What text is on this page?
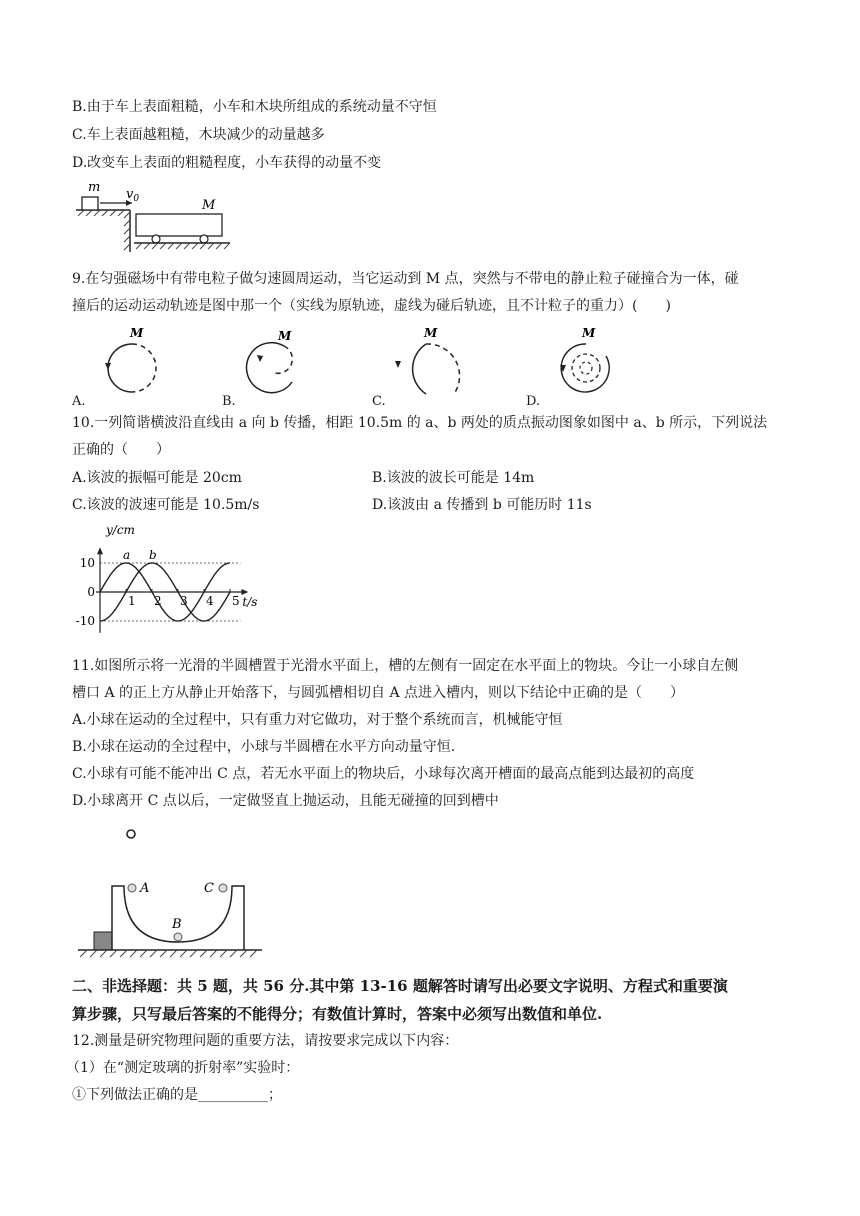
B.由于车上表面粗糙，小车和木块所组成的系统动量不守恒
C.车上表面越粗糙，木块减少的动量越多
D.改变车上表面的粗糙程度，小车获得的动量不变
m $v_0$	M
9.在匀强磁场中有带电粒子做匀速圆周运动，当它运动到 M 点，突然与不带电的静止粒子碰撞合为一体，碰
撞后的运动运动轨迹是图中那一个（实线为原轨迹，虚线为碰后轨迹，且不计粒子的重力）(　　)
M	M	M	M
A.	B.	C.	D.
10.一列简谐横波沿直线由 a 向 b 传播，相距 10.5m 的 a、b 两处的质点振动图象如图中 a、b 所示，下列说法
正确的（　　）
A.该波的振幅可能是 20cm	B.该波的波长可能是 14m
C.该波的波速可能是 10.5m/s	D.该波由 a 传播到 b 可能历时 11s
10
0
-10
1 2 3 4 5
y/cm
t/s
a b
11.如图所示将一光滑的半圆槽置于光滑水平面上，槽的左侧有一固定在水平面上的物块。今让一小球自左侧
槽口 A 的正上方从静止开始落下，与圆弧槽相切自 A 点进入槽内，则以下结论中正确的是（　　）
A.小球在运动的全过程中，只有重力对它做功，对于整个系统而言，机械能守恒
B.小球在运动的全过程中，小球与半圆槽在水平方向动量守恒.
C.小球有可能不能冲出 C 点，若无水平面上的物块后，小球每次离开槽面的最高点能到达最初的高度
D.小球离开 C 点以后，一定做竖直上抛运动，且能无碰撞的回到槽中
A
B
C
二、非选择题：共 5 题，共 56 分.其中第 13-16 题解答时请写出必要文字说明、方程式和重要演
算步骤，只写最后答案的不能得分；有数值计算时，答案中必须写出数值和单位.
12.测量是研究物理问题的重要方法，请按要求完成以下内容：
（1）在“测定玻璃的折射率”实验时：
①下列做法正确的是__________；
